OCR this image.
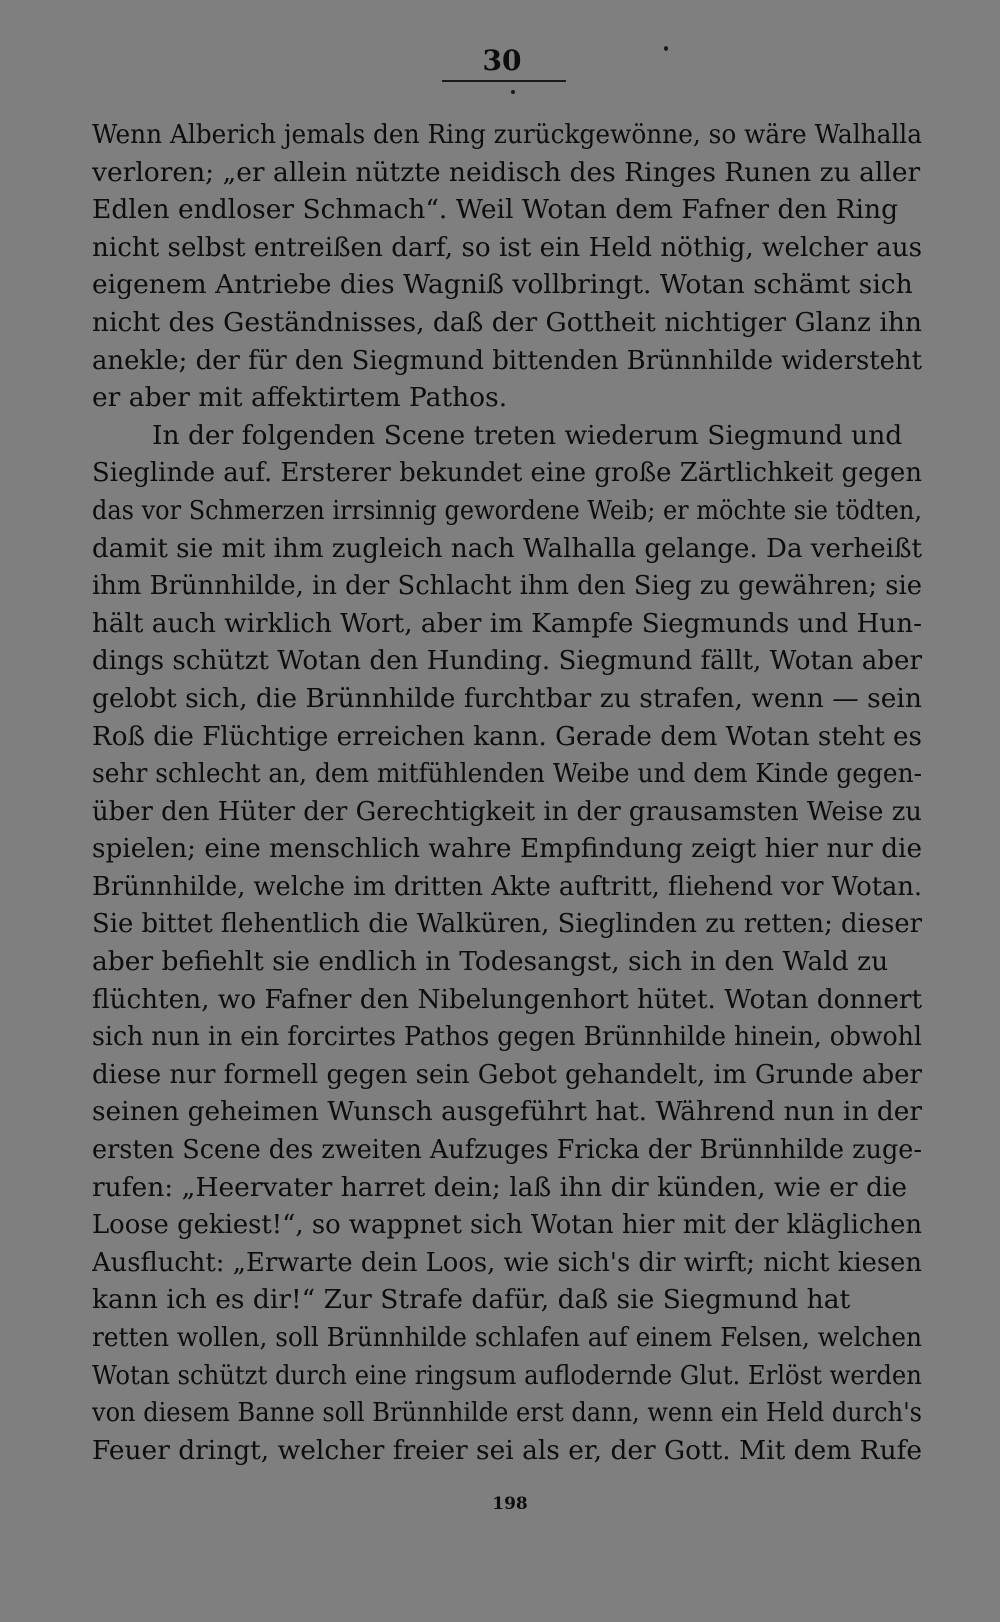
30
Wenn Alberich jemals den Ring zurückgewönne, so wäre Walhalla
verloren; „er allein nützte neidisch des Ringes Runen zu aller
Edlen endloser Schmach“. Weil Wotan dem Fafner den Ring
nicht selbst entreißen darf, so ist ein Held nöthig, welcher aus
eigenem Antriebe dies Wagniß vollbringt. Wotan schämt sich
nicht des Geständnisses, daß der Gottheit nichtiger Glanz ihn
anekle; der für den Siegmund bittenden Brünnhilde widersteht
er aber mit affektirtem Pathos.
In der folgenden Scene treten wiederum Siegmund und
Sieglinde auf. Ersterer bekundet eine große Zärtlichkeit gegen
das vor Schmerzen irrsinnig gewordene Weib; er möchte sie tödten,
damit sie mit ihm zugleich nach Walhalla gelange. Da verheißt
ihm Brünnhilde, in der Schlacht ihm den Sieg zu gewähren; sie
hält auch wirklich Wort, aber im Kampfe Siegmunds und Hun-
dings schützt Wotan den Hunding. Siegmund fällt, Wotan aber
gelobt sich, die Brünnhilde furchtbar zu strafen, wenn — sein
Roß die Flüchtige erreichen kann. Gerade dem Wotan steht es
sehr schlecht an, dem mitfühlenden Weibe und dem Kinde gegen-
über den Hüter der Gerechtigkeit in der grausamsten Weise zu
spielen; eine menschlich wahre Empfindung zeigt hier nur die
Brünnhilde, welche im dritten Akte auftritt, fliehend vor Wotan.
Sie bittet flehentlich die Walküren, Sieglinden zu retten; dieser
aber befiehlt sie endlich in Todesangst, sich in den Wald zu
flüchten, wo Fafner den Nibelungenhort hütet. Wotan donnert
sich nun in ein forcirtes Pathos gegen Brünnhilde hinein, obwohl
diese nur formell gegen sein Gebot gehandelt, im Grunde aber
seinen geheimen Wunsch ausgeführt hat. Während nun in der
ersten Scene des zweiten Aufzuges Fricka der Brünnhilde zuge-
rufen: „Heervater harret dein; laß ihn dir künden, wie er die
Loose gekiest!“, so wappnet sich Wotan hier mit der kläglichen
Ausflucht: „Erwarte dein Loos, wie sich's dir wirft; nicht kiesen
kann ich es dir!“ Zur Strafe dafür, daß sie Siegmund hat
retten wollen, soll Brünnhilde schlafen auf einem Felsen, welchen
Wotan schützt durch eine ringsum auflodernde Glut. Erlöst werden
von diesem Banne soll Brünnhilde erst dann, wenn ein Held durch's
Feuer dringt, welcher freier sei als er, der Gott. Mit dem Rufe
198
